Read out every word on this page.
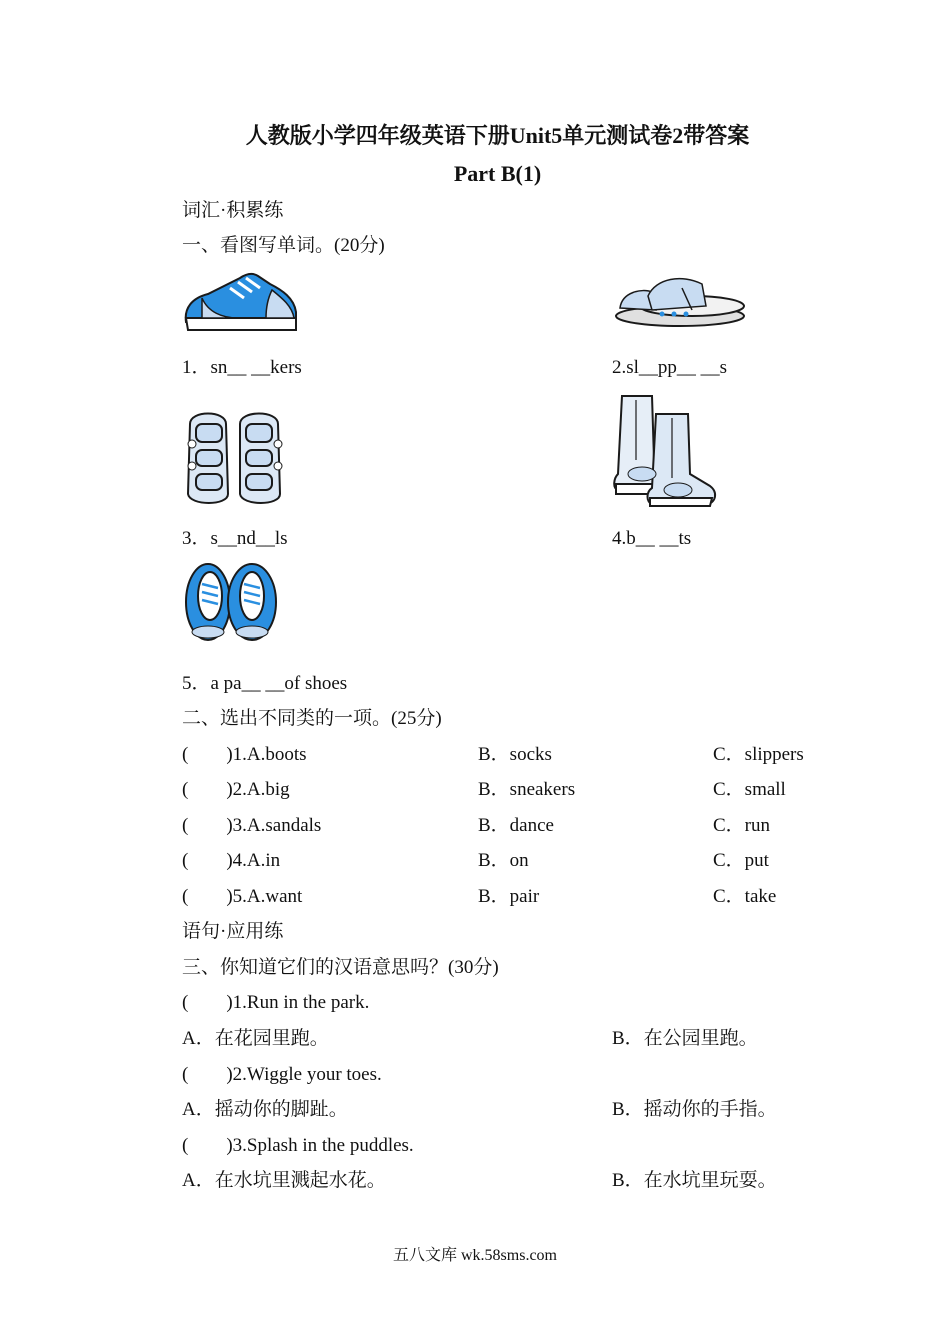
人教版小学四年级英语下册Unit5单元测试卷2带答案
Part B(1)
词汇·积累练
一、看图写单词。(20分)
1．sn__ __kers	2.sl__pp__ __s
3．s__nd__ls	4.b__ __ts
5．a pa__ __of shoes
二、选出不同类的一项。(25分)
(　　)1.A.boots	B．socks	C．slippers
(　　)2.A.big	B．sneakers	C．small
(　　)3.A.sandals	B．dance	C．run
(　　)4.A.in	B．on	C．put
(　　)5.A.want	B．pair	C．take
语句·应用练
三、你知道它们的汉语意思吗？(30分)
(　　)1.Run in the park.
A．在花园里跑。	B．在公园里跑。
(　　)2.Wiggle your toes.
A．摇动你的脚趾。	B．摇动你的手指。
(　　)3.Splash in the puddles.
A．在水坑里溅起水花。	B．在水坑里玩耍。
五八文库 wk.58sms.com
